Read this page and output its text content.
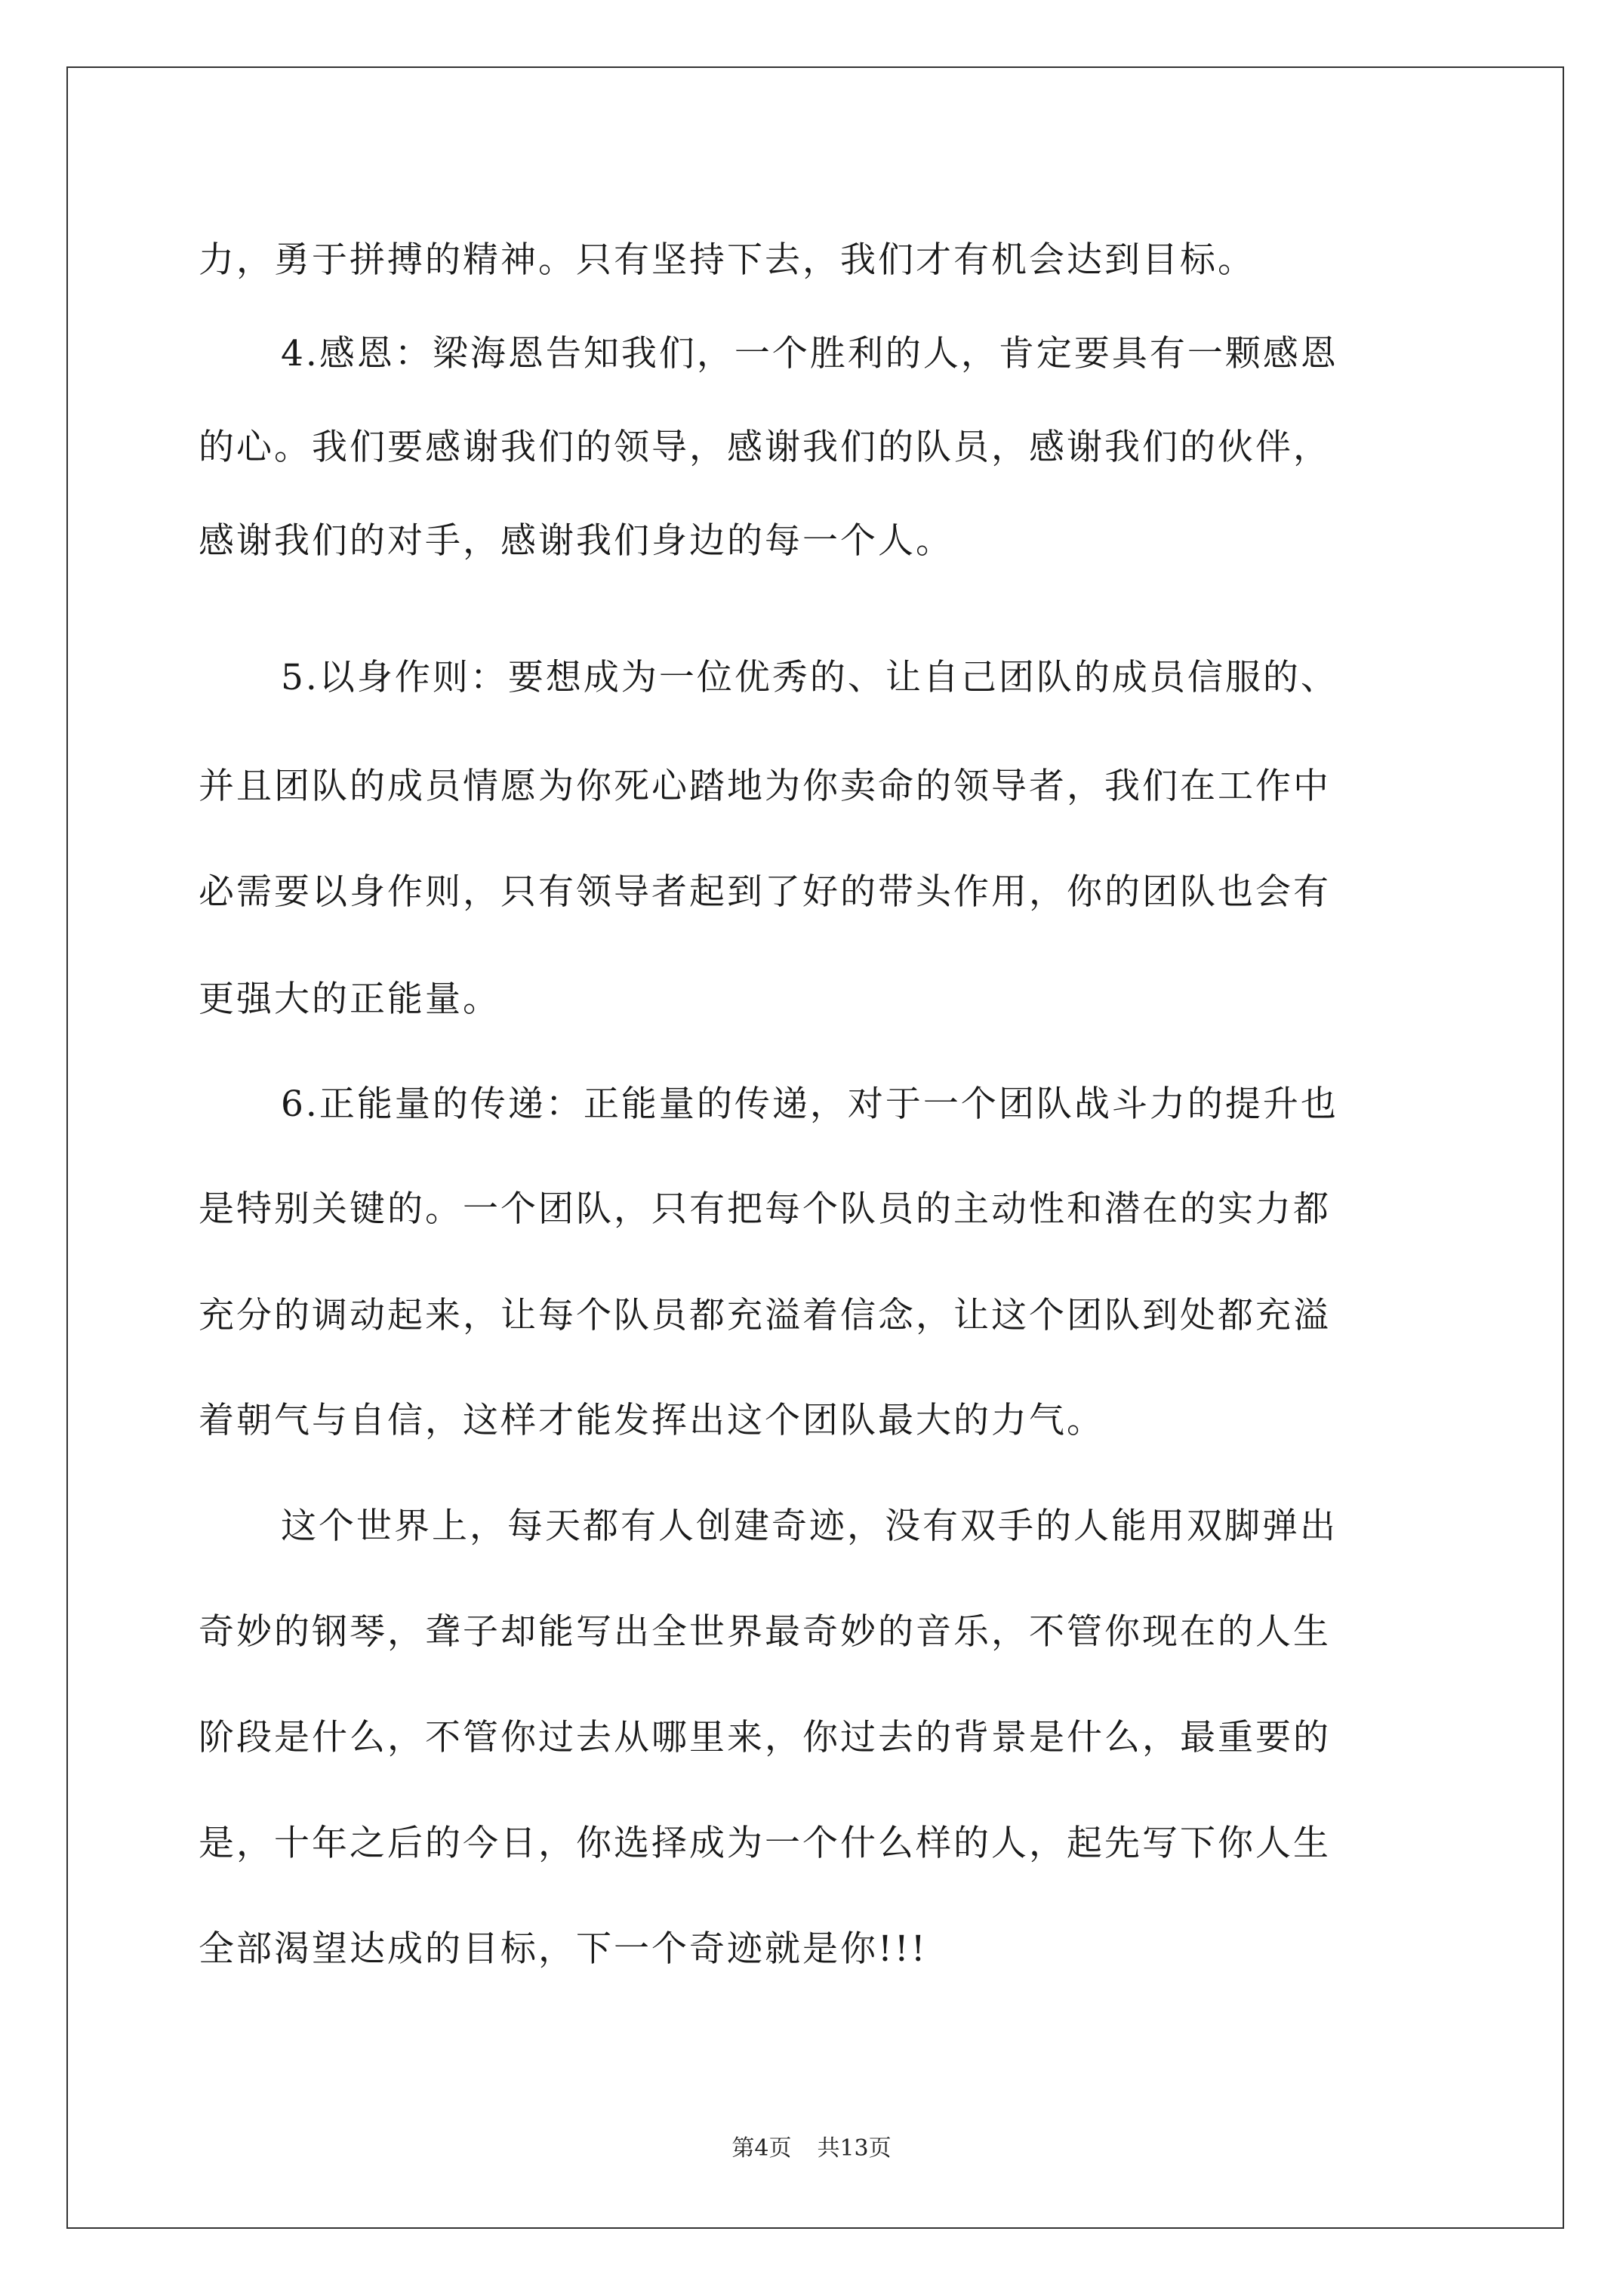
力，勇于拼搏的精神。只有坚持下去，我们才有机会达到目标。
4.感恩：梁海恩告知我们，一个胜利的人，肯定要具有一颗感恩
的心。我们要感谢我们的领导，感谢我们的队员，感谢我们的伙伴，
感谢我们的对手，感谢我们身边的每一个人。
5.以身作则：要想成为一位优秀的、让自己团队的成员信服的、
并且团队的成员情愿为你死心踏地为你卖命的领导者，我们在工作中
必需要以身作则，只有领导者起到了好的带头作用，你的团队也会有
更强大的正能量。
6.正能量的传递：正能量的传递，对于一个团队战斗力的提升也
是特别关键的。一个团队，只有把每个队员的主动性和潜在的实力都
充分的调动起来，让每个队员都充溢着信念，让这个团队到处都充溢
着朝气与自信，这样才能发挥出这个团队最大的力气。
这个世界上，每天都有人创建奇迹，没有双手的人能用双脚弹出
奇妙的钢琴，聋子却能写出全世界最奇妙的音乐，不管你现在的人生
阶段是什么，不管你过去从哪里来，你过去的背景是什么，最重要的
是，十年之后的今日，你选择成为一个什么样的人，起先写下你人生
全部渴望达成的目标，下一个奇迹就是你!!!
第4页 共13页
